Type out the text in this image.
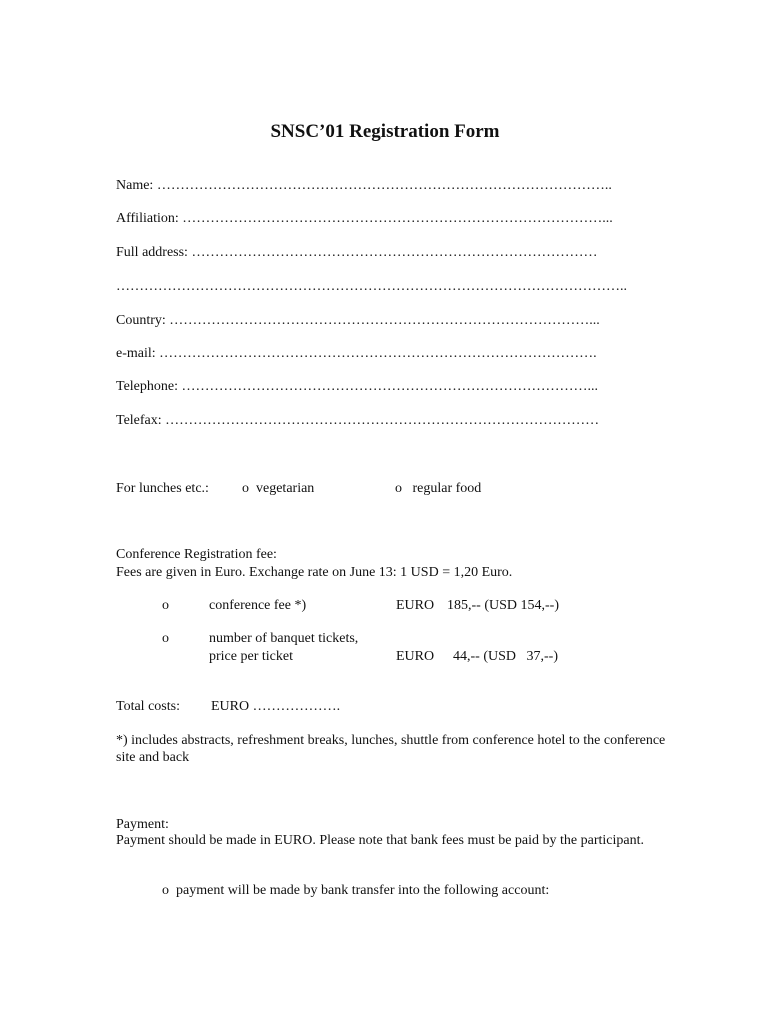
SNSC’01 Registration Form
Name: ……………………………………………………………………………………..
Affiliation: ………………………………………………………………………………...
Full address: ……………………………………………………………………………
………………………………………………………………………………………………..
Country: ………………………………………………………………………………...
e-mail: ………………………………………………………………………………….
Telephone: ……………………………………………………………………………...
Telefax: …………………………………………………………………………………
For lunches etc.: o vegetarian	o regular food
Conference Registration fee:
Fees are given in Euro. Exchange rate on June 13: 1 USD = 1,20 Euro.
o	conference fee *)	EURO 185,-- (USD 154,--)
o	number of banquet tickets,
price per ticket	EURO 44,-- (USD   37,--)
Total costs: EURO ……………….
*) includes abstracts, refreshment breaks, lunches, shuttle from conference hotel to the conference site and back
Payment:
Payment should be made in EURO. Please note that bank fees must be paid by the participant.
o payment will be made by bank transfer into the following account:
